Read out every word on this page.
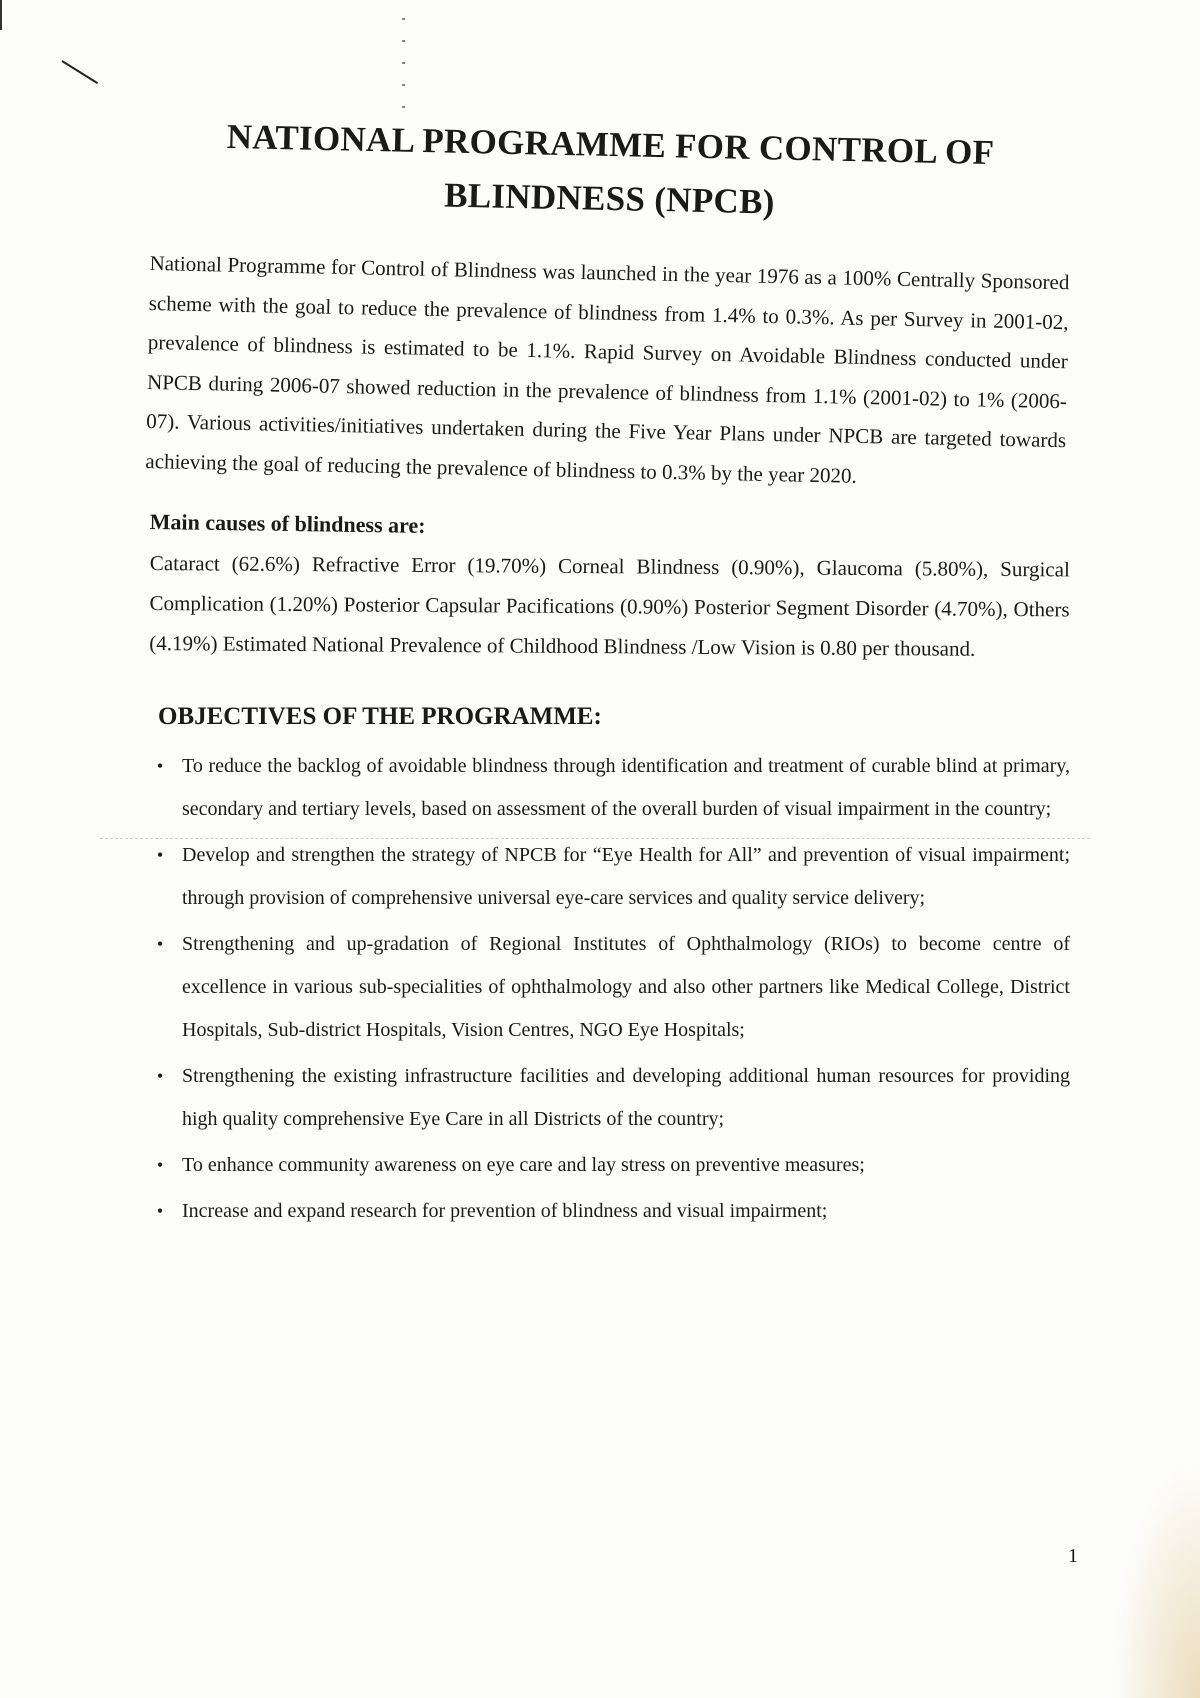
NATIONAL PROGRAMME FOR CONTROL OF BLINDNESS (NPCB)

National Programme for Control of Blindness was launched in the year 1976 as a 100% Centrally Sponsored scheme with the goal to reduce the prevalence of blindness from 1.4% to 0.3%. As per Survey in 2001-02, prevalence of blindness is estimated to be 1.1%. Rapid Survey on Avoidable Blindness conducted under NPCB during 2006-07 showed reduction in the prevalence of blindness from 1.1% (2001-02) to 1% (2006-07). Various activities/initiatives undertaken during the Five Year Plans under NPCB are targeted towards achieving the goal of reducing the prevalence of blindness to 0.3% by the year 2020.

Main causes of blindness are:

Cataract (62.6%) Refractive Error (19.70%) Corneal Blindness (0.90%), Glaucoma (5.80%), Surgical Complication (1.20%) Posterior Capsular Pacifications (0.90%) Posterior Segment Disorder (4.70%), Others (4.19%) Estimated National Prevalence of Childhood Blindness /Low Vision is 0.80 per thousand.

OBJECTIVES OF THE PROGRAMME:
• To reduce the backlog of avoidable blindness through identification and treatment of curable blind at primary, secondary and tertiary levels, based on assessment of the overall burden of visual impairment in the country;
• Develop and strengthen the strategy of NPCB for “Eye Health for All” and prevention of visual impairment; through provision of comprehensive universal eye-care services and quality service delivery;
• Strengthening and up-gradation of Regional Institutes of Ophthalmology (RIOs) to become centre of excellence in various sub-specialities of ophthalmology and also other partners like Medical College, District Hospitals, Sub-district Hospitals, Vision Centres, NGO Eye Hospitals;
• Strengthening the existing infrastructure facilities and developing additional human resources for providing high quality comprehensive Eye Care in all Districts of the country;
• To enhance community awareness on eye care and lay stress on preventive measures;
• Increase and expand research for prevention of blindness and visual impairment;
1
